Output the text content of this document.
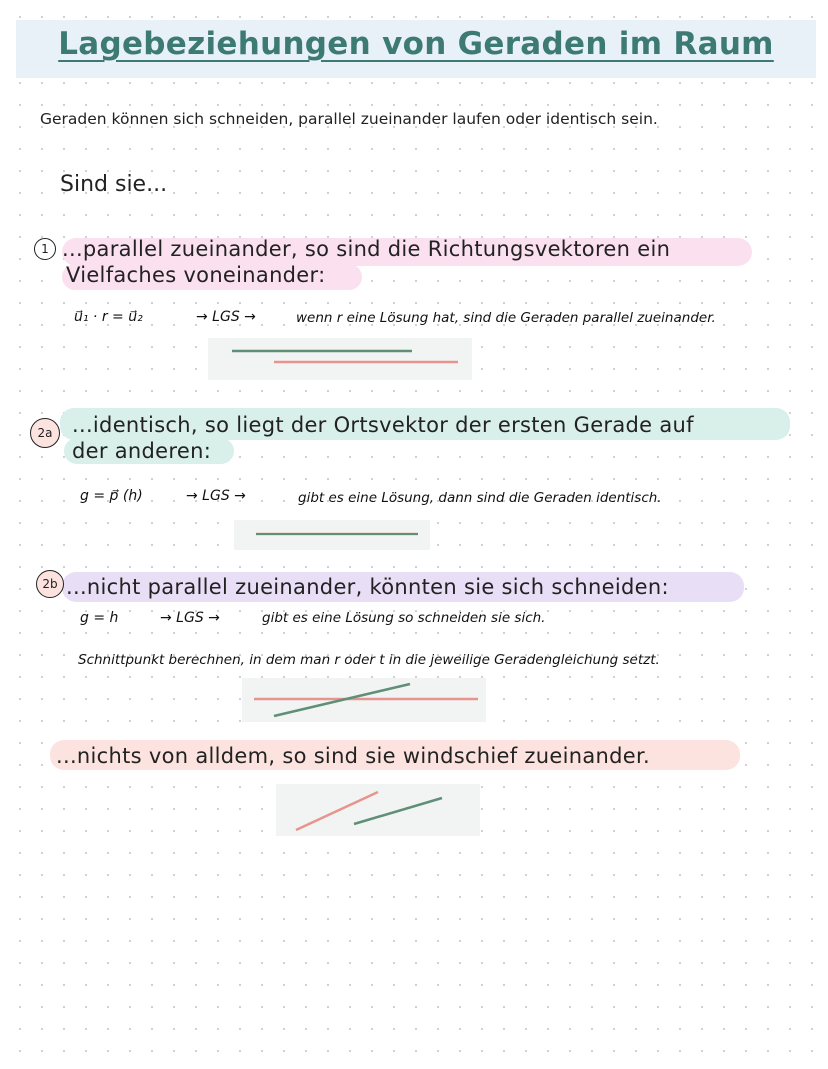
Lagebeziehungen von Geraden im Raum
Geraden können sich schneiden, parallel zueinander laufen oder identisch sein.
Sind sie...
1 ...parallel zueinander, so sind die Richtungsvektoren ein
Vielfaches voneinander:
u⃗₁ · r = u⃗₂	→ LGS →	wenn r eine Lösung hat, sind die Geraden parallel zueinander.
2a ...identisch, so liegt der Ortsvektor der ersten Gerade auf
der anderen:
g = p⃗ (h)	→ LGS →	gibt es eine Lösung, dann sind die Geraden identisch.
2b ...nicht parallel zueinander, könnten sie sich schneiden:
g = h	→ LGS →	gibt es eine Lösung so schneiden sie sich.
Schnittpunkt berechnen, in dem man r oder t in die jeweilige Geradengleichung setzt.
...nichts von alldem, so sind sie windschief zueinander.
